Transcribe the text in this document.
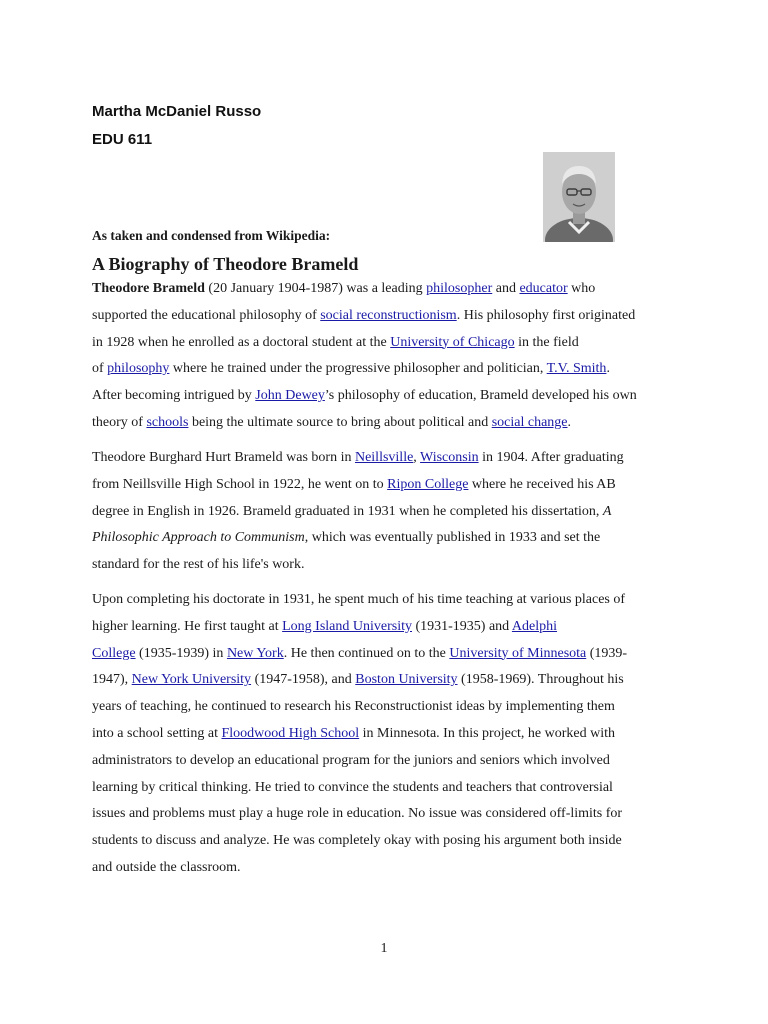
Martha McDaniel Russo
EDU 611
As taken and condensed from Wikipedia:
A Biography of Theodore Brameld
Theodore Brameld (20 January 1904-1987) was a leading philosopher and educator who
supported the educational philosophy of social reconstructionism. His philosophy first originated
in 1928 when he enrolled as a doctoral student at the University of Chicago in the field
of philosophy where he trained under the progressive philosopher and politician, T.V. Smith.
After becoming intrigued by John Dewey’s philosophy of education, Brameld developed his own
theory of schools being the ultimate source to bring about political and social change.
Theodore Burghard Hurt Brameld was born in Neillsville, Wisconsin in 1904. After graduating
from Neillsville High School in 1922, he went on to Ripon College where he received his AB
degree in English in 1926. Brameld graduated in 1931 when he completed his dissertation, A
Philosophic Approach to Communism, which was eventually published in 1933 and set the
standard for the rest of his life's work.
Upon completing his doctorate in 1931, he spent much of his time teaching at various places of
higher learning. He first taught at Long Island University (1931-1935) and Adelphi
College (1935-1939) in New York. He then continued on to the University of Minnesota (1939-
1947), New York University (1947-1958), and Boston University (1958-1969). Throughout his
years of teaching, he continued to research his Reconstructionist ideas by implementing them
into a school setting at Floodwood High School in Minnesota. In this project, he worked with
administrators to develop an educational program for the juniors and seniors which involved
learning by critical thinking. He tried to convince the students and teachers that controversial
issues and problems must play a huge role in education. No issue was considered off-limits for
students to discuss and analyze. He was completely okay with posing his argument both inside
and outside the classroom.
1
